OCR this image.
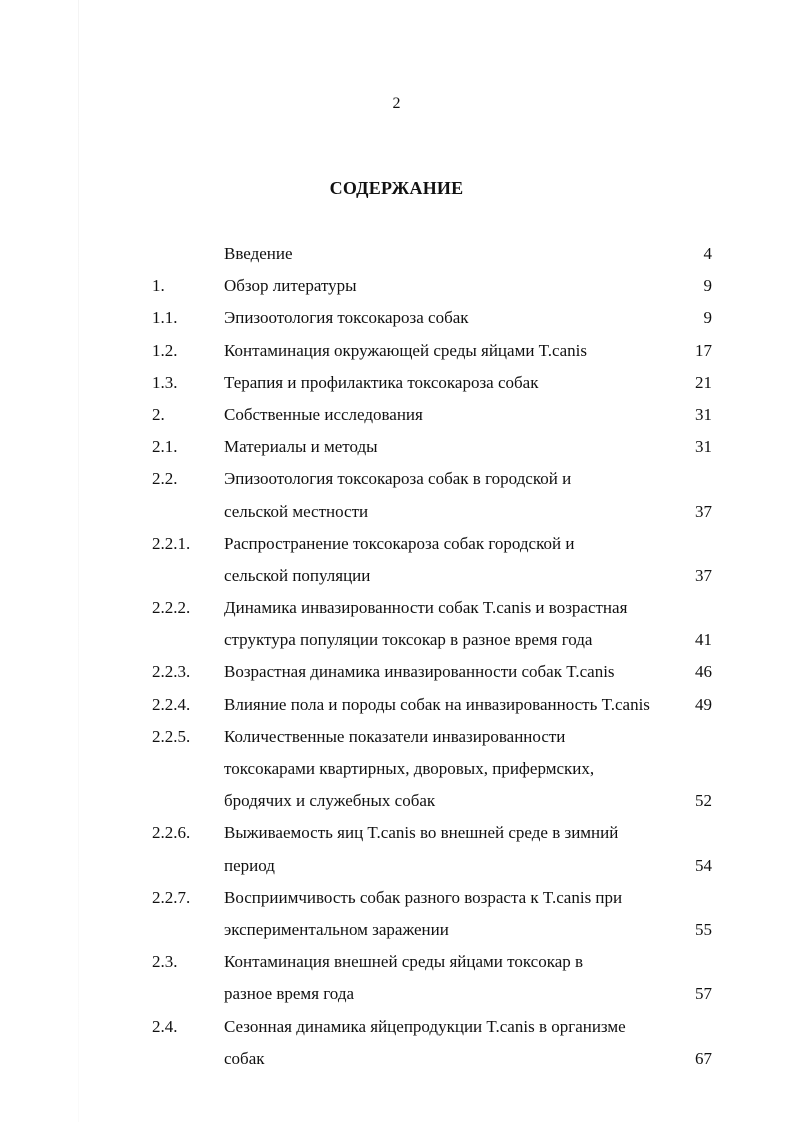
2
СОДЕРЖАНИЕ
Введение	4
1.	Обзор литературы	9
1.1.	Эпизоотология токсокароза собак	9
1.2.	Контаминация окружающей среды яйцами T.canis	17
1.3.	Терапия и профилактика токсокароза собак	21
2.	Собственные исследования	31
2.1.	Материалы и методы	31
2.2.	Эпизоотология токсокароза собак в городской и
сельской местности	37
2.2.1. Распространение токсокароза собак городской и
сельской популяции	37
2.2.2. Динамика инвазированности собак T.canis и возрастная
структура популяции токсокар в разное время года	41
2.2.3. Возрастная динамика инвазированности собак T.canis	46
2.2.4. Влияние пола и породы собак на инвазированность T.canis	49
2.2.5. Количественные показатели инвазированности
токсокарами квартирных, дворовых, прифермских,
бродячих и служебных собак	52
2.2.6. Выживаемость яиц T.canis во внешней среде в зимний
период	54
2.2.7. Восприимчивость собак разного возраста к T.canis при
экспериментальном заражении	55
2.3.	Контаминация внешней среды яйцами токсокар в
разное время года	57
2.4.	Сезонная динамика яйцепродукции T.canis в организме
собак	67
